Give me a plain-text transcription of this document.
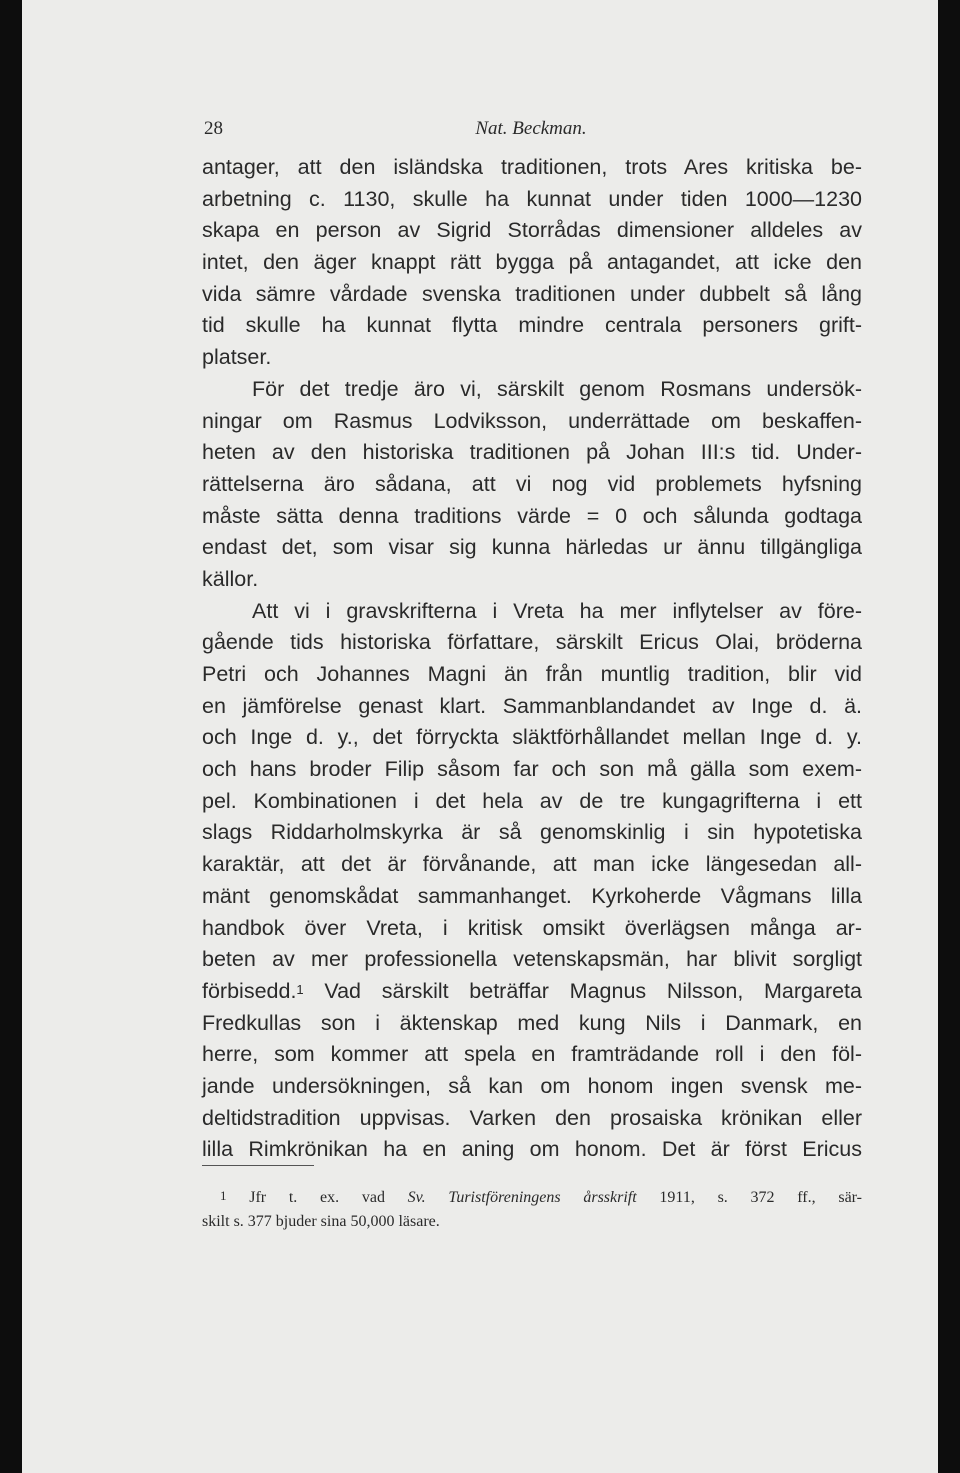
28	Nat. Beckman.
antager, att den isländska traditionen, trots Ares kritiska be-
arbetning c. 1130, skulle ha kunnat under tiden 1000—1230
skapa en person av Sigrid Storrådas dimensioner alldeles av
intet, den äger knappt rätt bygga på antagandet, att icke den
vida sämre vårdade svenska traditionen under dubbelt så lång
tid skulle ha kunnat flytta mindre centrala personers grift-
platser.
För det tredje äro vi, särskilt genom Rosmans undersök-
ningar om Rasmus Lodviksson, underrättade om beskaffen-
heten av den historiska traditionen på Johan III:s tid. Under-
rättelserna äro sådana, att vi nog vid problemets hyfsning
måste sätta denna traditions värde = 0 och sålunda godtaga
endast det, som visar sig kunna härledas ur ännu tillgängliga
källor.
Att vi i gravskrifterna i Vreta ha mer inflytelser av före-
gående tids historiska författare, särskilt Ericus Olai, bröderna
Petri och Johannes Magni än från muntlig tradition, blir vid
en jämförelse genast klart. Sammanblandandet av Inge d. ä.
och Inge d. y., det förryckta släktförhållandet mellan Inge d. y.
och hans broder Filip såsom far och son må gälla som exem-
pel. Kombinationen i det hela av de tre kungagrifterna i ett
slags Riddarholmskyrka är så genomskinlig i sin hypotetiska
karaktär, att det är förvånande, att man icke längesedan all-
mänt genomskådat sammanhanget. Kyrkoherde Vågmans lilla
handbok över Vreta, i kritisk omsikt överlägsen många ar-
beten av mer professionella vetenskapsmän, har blivit sorgligt
förbisedd.$^1$ Vad särskilt beträffar Magnus Nilsson, Margareta
Fredkullas son i äktenskap med kung Nils i Danmark, en
herre, som kommer att spela en framträdande roll i den föl-
jande undersökningen, så kan om honom ingen svensk me-
deltidstradition uppvisas. Varken den prosaiska krönikan eller
lilla Rimkrönikan ha en aning om honom. Det är först Ericus
$^1$ Jfr t. ex. vad Sv. Turistföreningens årsskrift 1911, s. 372 ff., sär-
skilt s. 377 bjuder sina 50,000 läsare.
